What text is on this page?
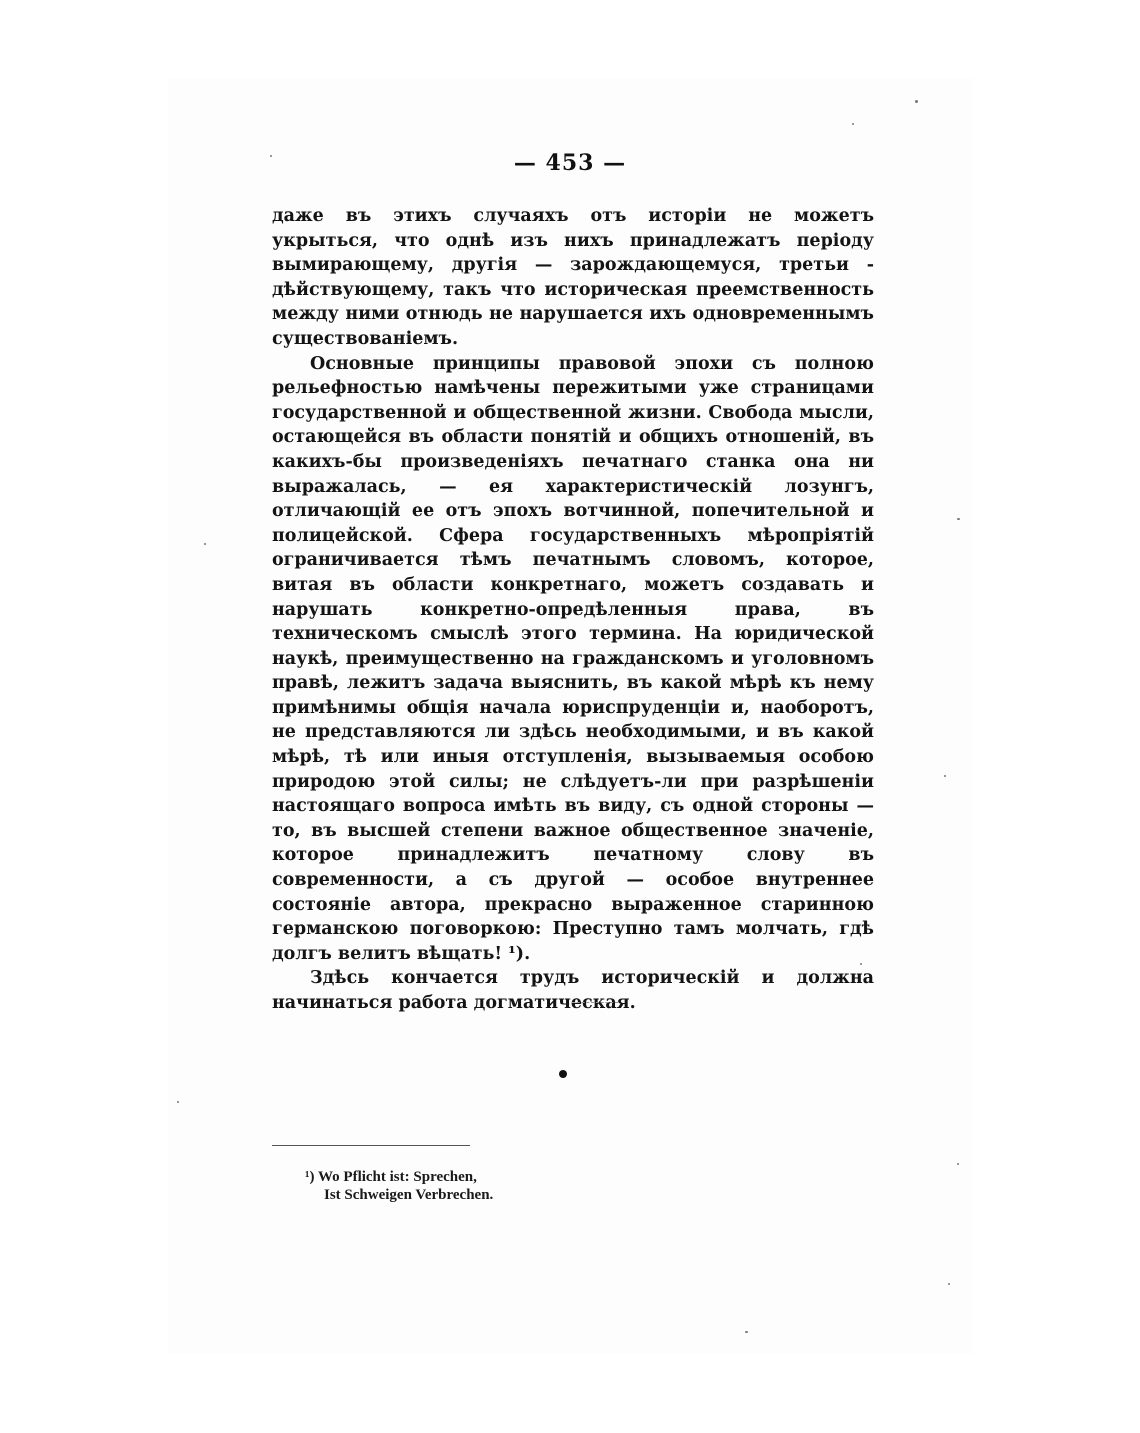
— 453 —

даже въ этихъ случаяхъ отъ исторіи не можетъ укрыться, что однѣ изъ нихъ принадлежатъ періоду вымирающему, другія — зарождающемуся, третьи - дѣйствующему, такъ что историческая преемственность между ними отнюдь не нарушается ихъ одновременнымъ существованіемъ.

Основные принципы правовой эпохи съ полною рельефностью намѣчены пережитыми уже страницами государственной и общественной жизни. Свобода мысли, остающейся въ области понятій и общихъ отношеній, въ какихъ-бы произведеніяхъ печатнаго станка она ни выражалась, — ея характеристическій лозунгъ, отличающій ее отъ эпохъ вотчинной, попечительной и полицейской. Сфера государственныхъ мѣропріятій ограничивается тѣмъ печатнымъ словомъ, которое, витая въ области конкретнаго, можетъ создавать и нарушать конкретно-опредѣленныя права, въ техническомъ смыслѣ этого термина. На юридической наукѣ, преимущественно на гражданскомъ и уголовномъ правѣ, лежитъ задача выяснить, въ какой мѣрѣ къ нему примѣнимы общія начала юриспруденціи и, наоборотъ, не представляются ли здѣсь необходимыми, и въ какой мѣрѣ, тѣ или иныя отступленія, вызываемыя особою природою этой силы; не слѣдуетъ-ли при разрѣшеніи настоящаго вопроса имѣть въ виду, съ одной стороны — то, въ высшей степени важное общественное значеніе, которое принадлежитъ печатному слову въ современности, а съ другой — особое внутреннее состояніе автора, прекрасно выраженное старинною германскою поговоркою: Преступно тамъ молчать, гдѣ долгъ велитъ вѣщать! ¹).

Здѣсь кончается трудъ историческій и должна начинаться работа догматическая.

¹) Wo Pflicht ist: Sprechen,
Ist Schweigen Verbrechen.
